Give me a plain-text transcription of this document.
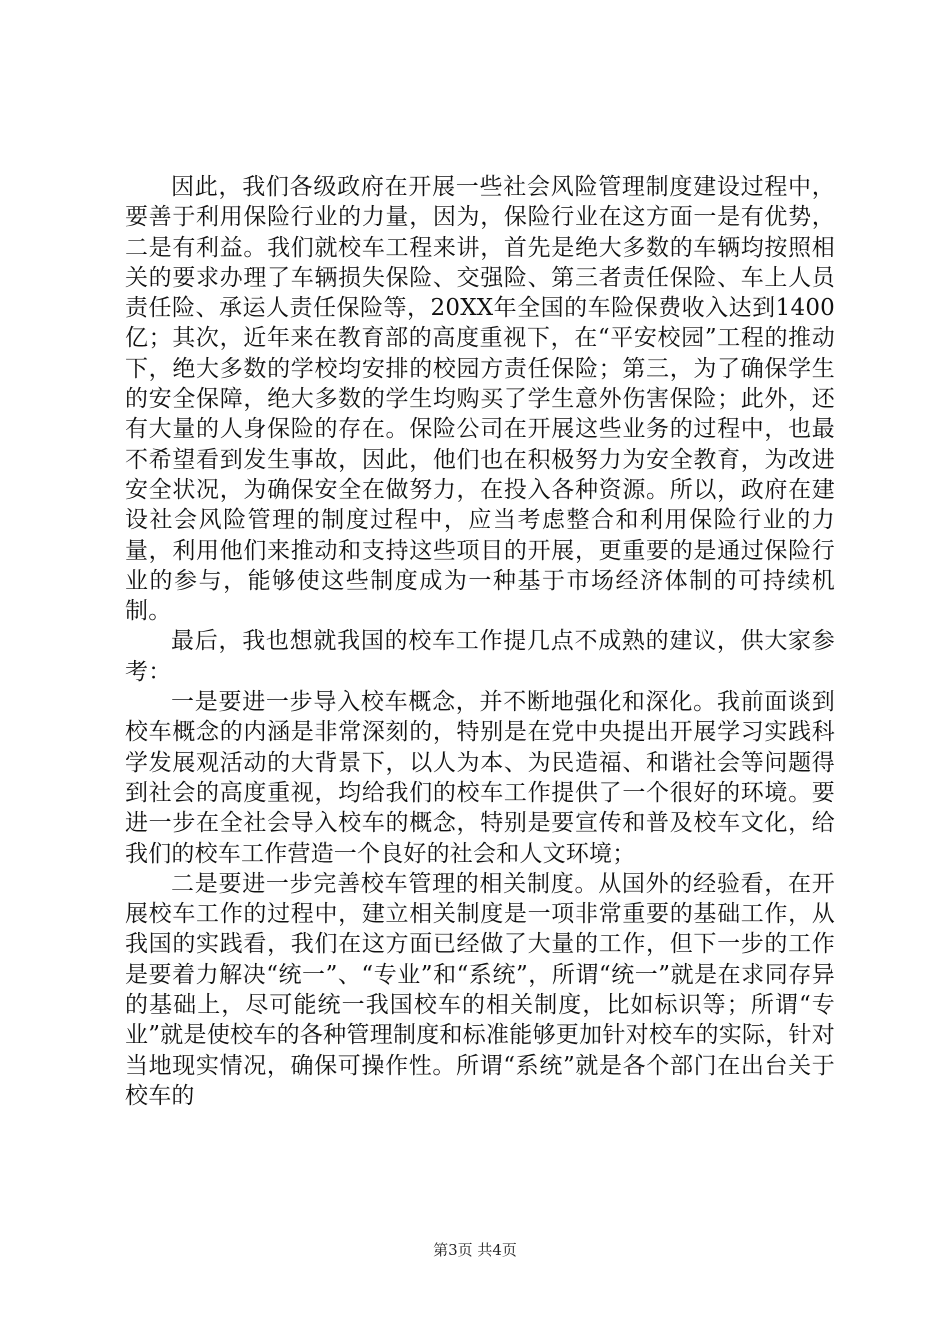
因此，我们各级政府在开展一些社会风险管理制度建设过程中，要善于利用保险行业的力量，因为，保险行业在这方面一是有优势，二是有利益。我们就校车工程来讲，首先是绝大多数的车辆均按照相关的要求办理了车辆损失保险、交强险、第三者责任保险、车上人员责任险、承运人责任保险等，20XX年全国的车险保费收入达到1400亿；其次，近年来在教育部的高度重视下，在“平安校园”工程的推动下，绝大多数的学校均安排的校园方责任保险；第三，为了确保学生的安全保障，绝大多数的学生均购买了学生意外伤害保险；此外，还有大量的人身保险的存在。保险公司在开展这些业务的过程中，也最不希望看到发生事故，因此，他们也在积极努力为安全教育，为改进安全状况，为确保安全在做努力，在投入各种资源。所以，政府在建设社会风险管理的制度过程中，应当考虑整合和利用保险行业的力量，利用他们来推动和支持这些项目的开展，更重要的是通过保险行业的参与，能够使这些制度成为一种基于市场经济体制的可持续机制。

最后，我也想就我国的校车工作提几点不成熟的建议，供大家参考：

一是要进一步导入校车概念，并不断地强化和深化。我前面谈到校车概念的内涵是非常深刻的，特别是在党中央提出开展学习实践科学发展观活动的大背景下，以人为本、为民造福、和谐社会等问题得到社会的高度重视，均给我们的校车工作提供了一个很好的环境。要进一步在全社会导入校车的概念，特别是要宣传和普及校车文化，给我们的校车工作营造一个良好的社会和人文环境；

二是要进一步完善校车管理的相关制度。从国外的经验看，在开展校车工作的过程中，建立相关制度是一项非常重要的基础工作，从我国的实践看，我们在这方面已经做了大量的工作，但下一步的工作是要着力解决“统一”、“专业”和“系统”，所谓“统一”就是在求同存异的基础上，尽可能统一我国校车的相关制度，比如标识等；所谓“专业”就是使校车的各种管理制度和标准能够更加针对校车的实际，针对当地现实情况，确保可操作性。所谓“系统”就是各个部门在出台关于校车的

第3页 共4页
